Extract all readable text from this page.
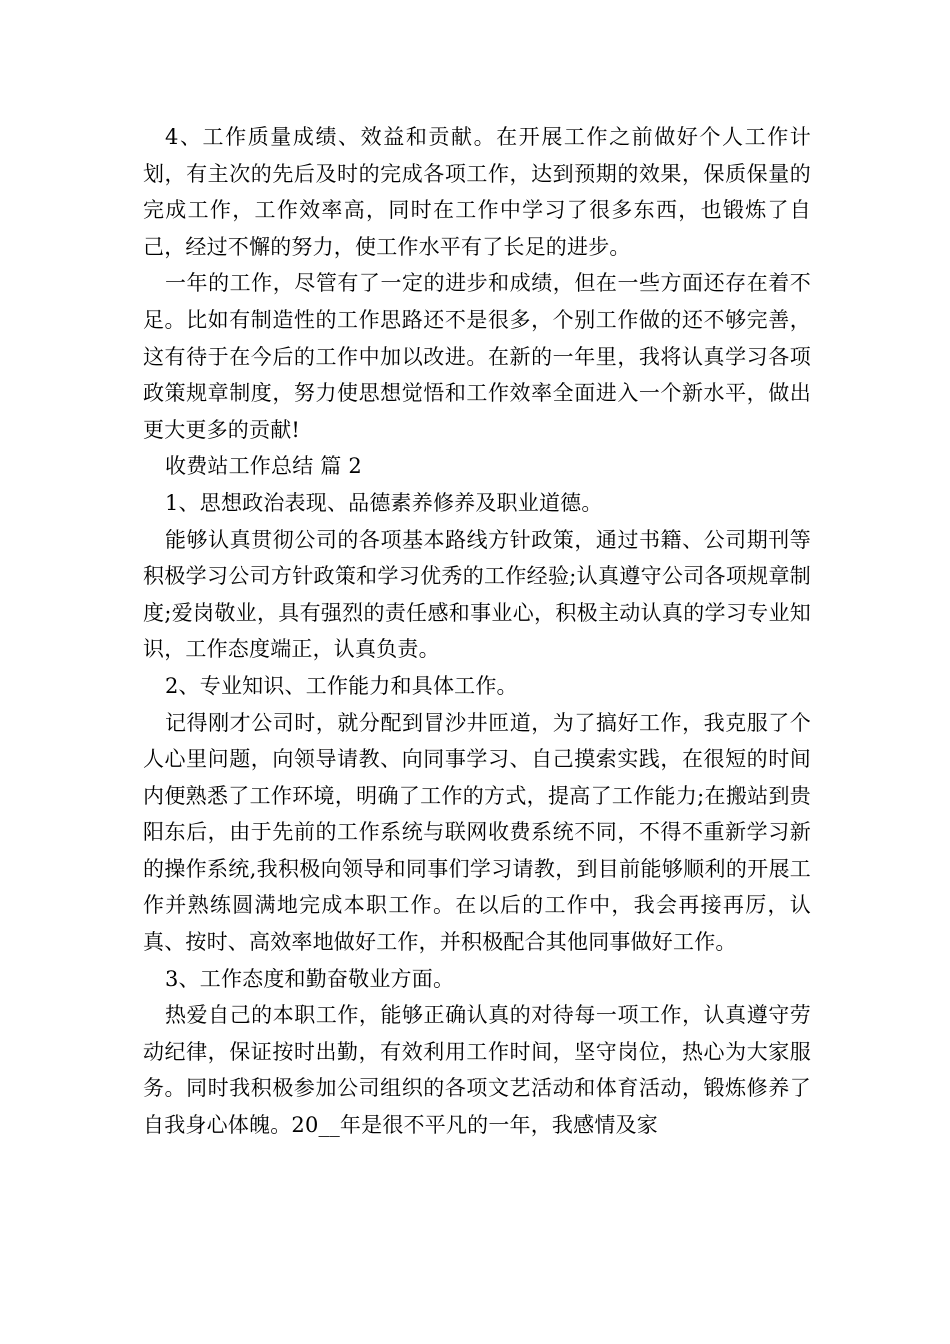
4、工作质量成绩、效益和贡献。在开展工作之前做好个人工作计划，有主次的先后及时的完成各项工作，达到预期的效果，保质保量的完成工作，工作效率高，同时在工作中学习了很多东西，也锻炼了自己，经过不懈的努力，使工作水平有了长足的进步。

一年的工作，尽管有了一定的进步和成绩，但在一些方面还存在着不足。比如有制造性的工作思路还不是很多，个别工作做的还不够完善，这有待于在今后的工作中加以改进。在新的一年里，我将认真学习各项政策规章制度，努力使思想觉悟和工作效率全面进入一个新水平，做出更大更多的贡献!

收费站工作总结 篇 2

1、思想政治表现、品德素养修养及职业道德。

能够认真贯彻公司的各项基本路线方针政策，通过书籍、公司期刊等积极学习公司方针政策和学习优秀的工作经验;认真遵守公司各项规章制度;爱岗敬业，具有强烈的责任感和事业心，积极主动认真的学习专业知识，工作态度端正，认真负责。

2、专业知识、工作能力和具体工作。

记得刚才公司时，就分配到冒沙井匝道，为了搞好工作，我克服了个人心里问题，向领导请教、向同事学习、自己摸索实践，在很短的时间内便熟悉了工作环境，明确了工作的方式，提高了工作能力;在搬站到贵阳东后，由于先前的工作系统与联网收费系统不同，不得不重新学习新的操作系统,我积极向领导和同事们学习请教，到目前能够顺利的开展工作并熟练圆满地完成本职工作。在以后的工作中，我会再接再厉，认真、按时、高效率地做好工作，并积极配合其他同事做好工作。

3、工作态度和勤奋敬业方面。

热爱自己的本职工作，能够正确认真的对待每一项工作，认真遵守劳动纪律，保证按时出勤，有效利用工作时间，坚守岗位，热心为大家服务。同时我积极参加公司组织的各项文艺活动和体育活动，锻炼修养了自我身心体魄。20__年是很不平凡的一年，我感情及家
